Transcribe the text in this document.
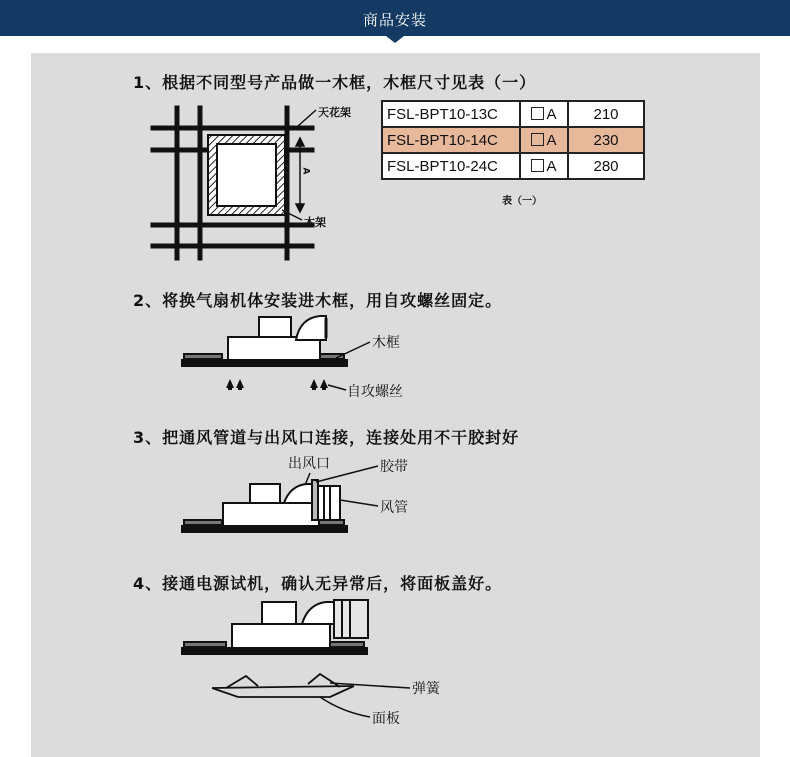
商品安装
1、根据不同型号产品做一木框，木框尺寸见表（一）
2、将换气扇机体安装进木框，用自攻螺丝固定。
3、把通风管道与出风口连接，连接处用不干胶封好
4、接通电源试机，确认无异常后，将面板盖好。
天花架
木架
A
FSL-BPT10-13C	A	210
FSL-BPT10-14C	A	230
FSL-BPT10-24C	A	280
表（一）
木框
自攻螺丝
出风口	胶带
风管
弹簧
面板
